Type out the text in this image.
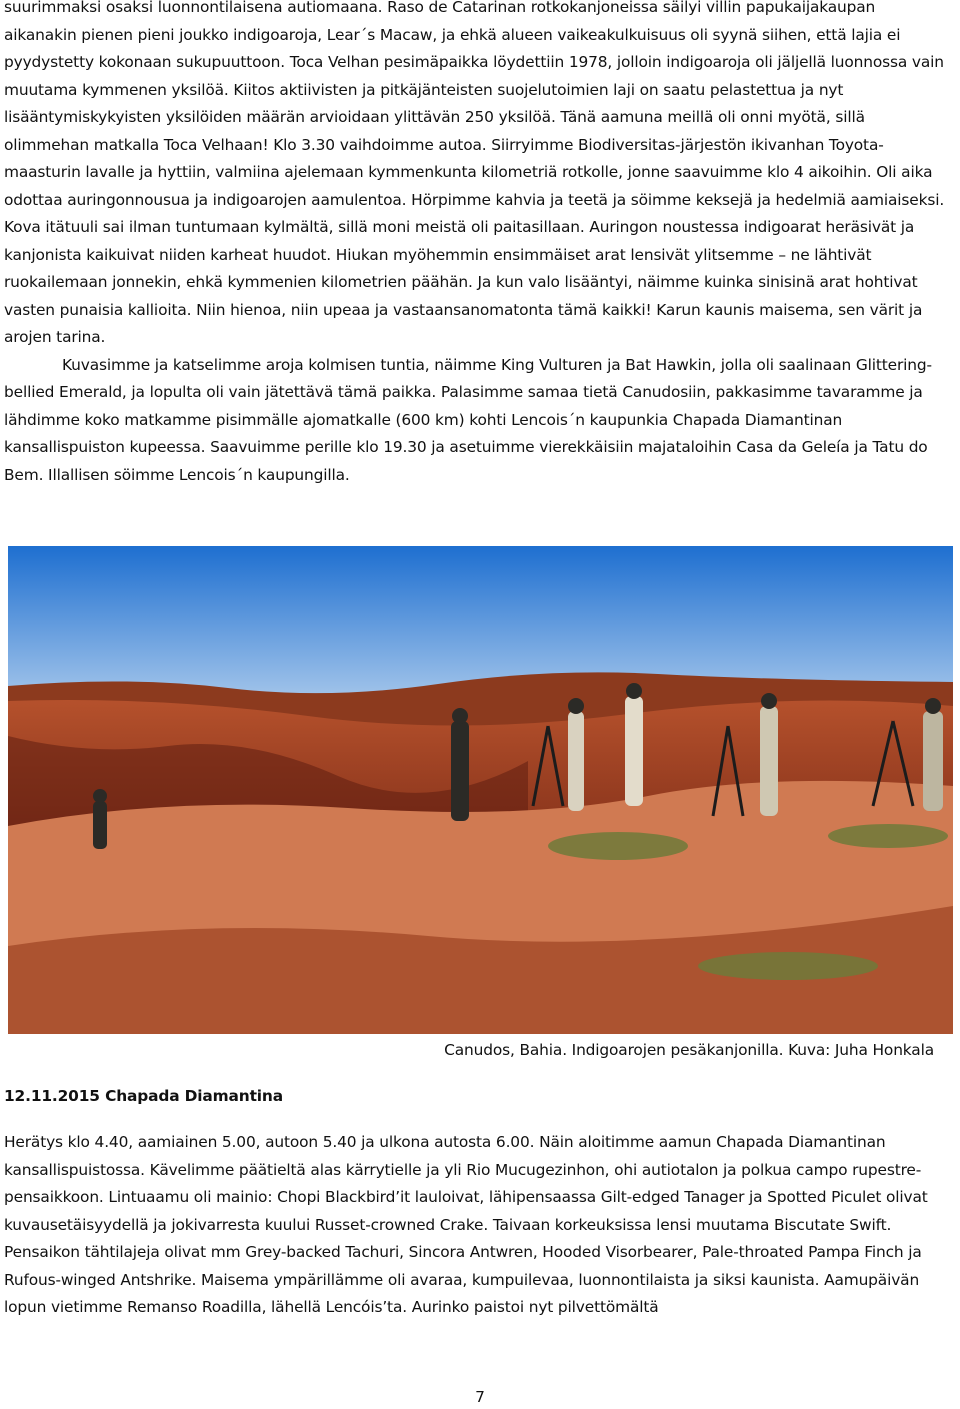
suurimmaksi osaksi luonnontilaisena autiomaana. Raso de Catarinan rotkokanjoneissa säilyi villin papukaijakaupan aikanakin pienen pieni joukko indigoaroja, Lear´s Macaw, ja ehkä alueen vaikeakulkuisuus oli syynä siihen, että lajia ei pyydystetty kokonaan sukupuuttoon. Toca Velhan pesimäpaikka löydettiin 1978, jolloin indigoaroja oli jäljellä luonnossa vain muutama kymmenen yksilöä. Kiitos aktiivisten ja pitkäjänteisten suojelutoimien laji on saatu pelastettua ja nyt lisääntymiskykyisten yksilöiden määrän arvioidaan ylittävän 250 yksilöä. Tänä aamuna meillä oli onni myötä, sillä olimmehan matkalla Toca Velhaan! Klo 3.30 vaihdoimme autoa. Siirryimme Biodiversitas-järjestön ikivanhan Toyota-maasturin lavalle ja hyttiin, valmiina ajelemaan kymmenkunta kilometriä rotkolle, jonne saavuimme klo 4 aikoihin. Oli aika odottaa auringonnousua ja indigoarojen aamulentoa. Hörpimme kahvia ja teetä ja söimme keksejä ja hedelmiä aamiaiseksi. Kova itätuuli sai ilman tuntumaan kylmältä, sillä moni meistä oli paitasillaan. Auringon noustessa indigoarat heräsivät ja kanjonista kaikuivat niiden karheat huudot. Hiukan myöhemmin ensimmäiset arat lensivät ylitsemme – ne lähtivät ruokailemaan jonnekin, ehkä kymmenien kilometrien päähän. Ja kun valo lisääntyi, näimme kuinka sinisinä arat hohtivat vasten punaisia kallioita. Niin hienoa, niin upeaa ja vastaansanomatonta tämä kaikki! Karun kaunis maisema, sen värit ja arojen tarina.

Kuvasimme ja katselimme aroja kolmisen tuntia, näimme King Vulturen ja Bat Hawkin, jolla oli saalinaan Glittering-bellied Emerald, ja lopulta oli vain jätettävä tämä paikka. Palasimme samaa tietä Canudosiin, pakkasimme tavaramme ja lähdimme koko matkamme pisimmälle ajomatkalle (600 km) kohti Lencois´n kaupunkia Chapada Diamantinan kansallispuiston kupeessa. Saavuimme perille klo 19.30 ja asetuimme vierekkäisiin majataloihin Casa da Geleía ja Tatu do Bem. Illallisen söimme Lencois´n kaupungilla.

Canudos, Bahia. Indigoarojen pesäkanjonilla. Kuva: Juha Honkala
12.11.2015 Chapada Diamantina

Herätys klo 4.40, aamiainen 5.00, autoon 5.40 ja ulkona autosta 6.00. Näin aloitimme aamun Chapada Diamantinan kansallispuistossa. Kävelimme päätieltä alas kärrytielle ja yli Rio Mucugezinhon, ohi autiotalon ja polkua campo rupestre-pensaikkoon. Lintuaamu oli mainio: Chopi Blackbird’it lauloivat, lähipensaassa Gilt-edged Tanager ja Spotted Piculet olivat kuvausetäisyydellä ja jokivarresta kuului Russet-crowned Crake. Taivaan korkeuksissa lensi muutama Biscutate Swift. Pensaikon tähtilajeja olivat mm Grey-backed Tachuri, Sincora Antwren, Hooded Visorbearer, Pale-throated Pampa Finch ja Rufous-winged Antshrike. Maisema ympärillämme oli avaraa, kumpuilevaa, luonnontilaista ja siksi kaunista. Aamupäivän lopun vietimme Remanso Roadilla, lähellä Lencóis’ta. Aurinko paistoi nyt pilvettömältä

7
